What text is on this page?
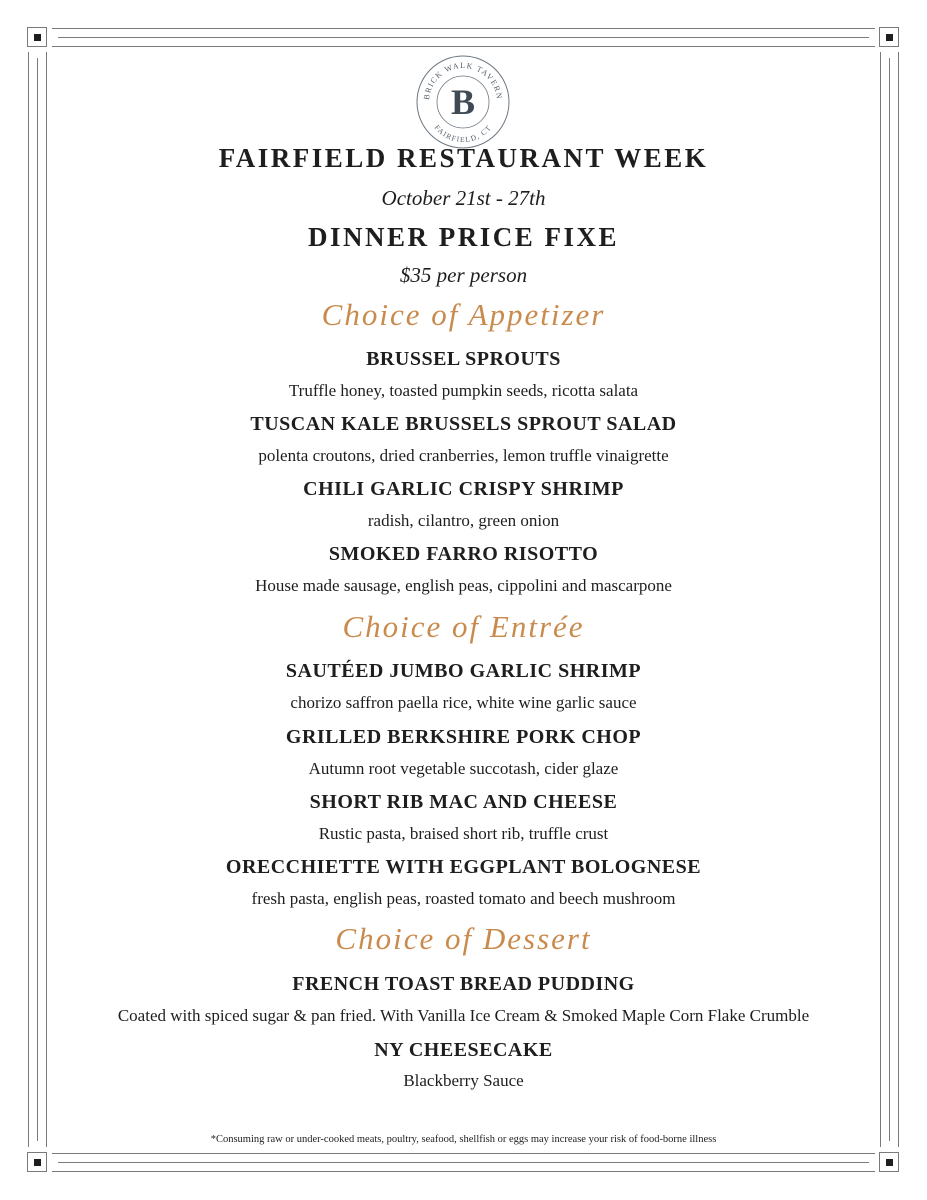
BRICK WALK TAVERN
FAIRFIELD, CT
B

FAIRFIELD RESTAURANT WEEK

October 21st - 27th

DINNER PRICE FIXE

$35 per person

Choice of Appetizer

BRUSSEL SPROUTS

Truffle honey, toasted pumpkin seeds, ricotta salata

TUSCAN KALE BRUSSELS SPROUT SALAD

polenta croutons, dried cranberries, lemon truffle vinaigrette

CHILI GARLIC CRISPY SHRIMP

radish, cilantro, green onion

SMOKED FARRO RISOTTO

House made sausage, english peas, cippolini and mascarpone

Choice of Entrée

SAUTÉED JUMBO GARLIC SHRIMP

chorizo saffron paella rice, white wine garlic sauce

GRILLED BERKSHIRE PORK CHOP

Autumn root vegetable succotash, cider glaze

SHORT RIB MAC AND CHEESE

Rustic pasta, braised short rib, truffle crust

ORECCHIETTE WITH EGGPLANT BOLOGNESE

fresh pasta, english peas, roasted tomato and beech mushroom

Choice of Dessert

FRENCH TOAST BREAD PUDDING

Coated with spiced sugar & pan fried. With Vanilla Ice Cream & Smoked Maple Corn Flake Crumble

NY CHEESECAKE

Blackberry Sauce

*Consuming raw or under-cooked meats, poultry, seafood, shellfish or eggs may increase your risk of food-borne illness
